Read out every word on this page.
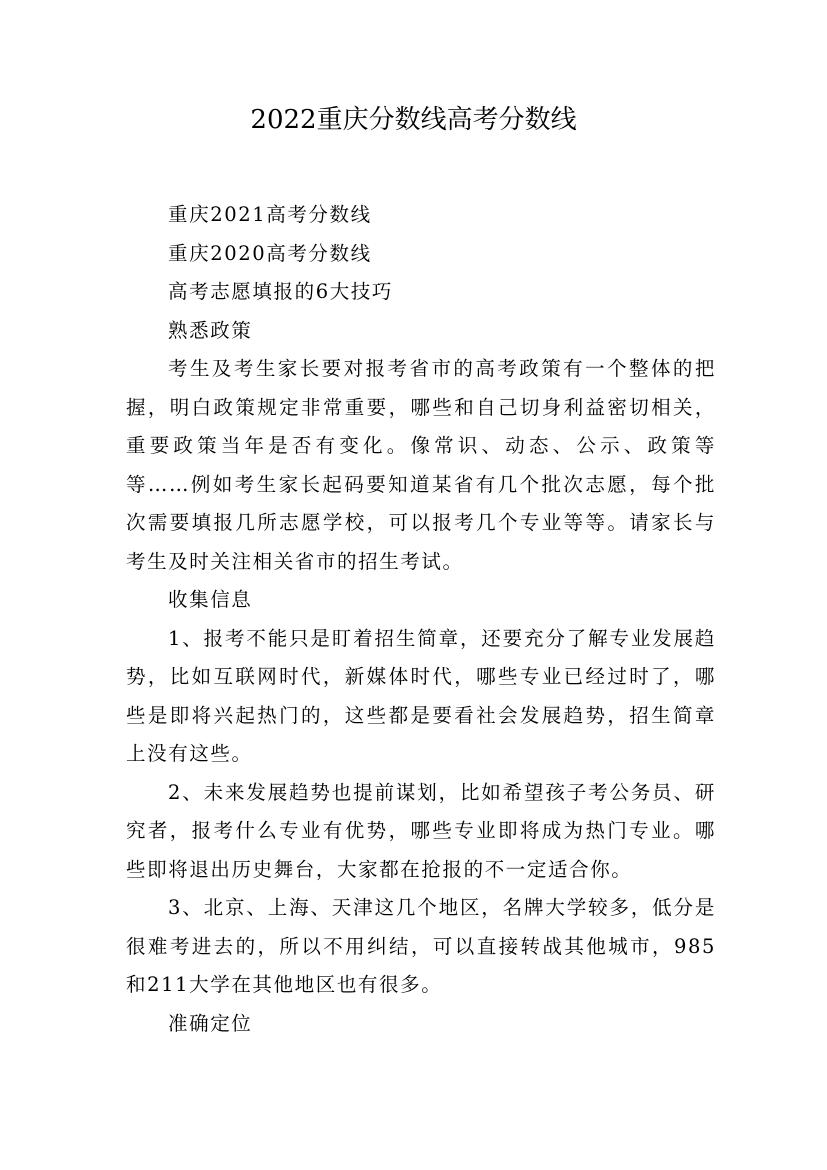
2022重庆分数线高考分数线

重庆2021高考分数线

重庆2020高考分数线

高考志愿填报的6大技巧

熟悉政策

考生及考生家长要对报考省市的高考政策有一个整体的把握，明白政策规定非常重要，哪些和自己切身利益密切相关，重要政策当年是否有变化。像常识、动态、公示、政策等等……例如考生家长起码要知道某省有几个批次志愿，每个批次需要填报几所志愿学校，可以报考几个专业等等。请家长与考生及时关注相关省市的招生考试。

收集信息

1、报考不能只是盯着招生简章，还要充分了解专业发展趋势，比如互联网时代，新媒体时代，哪些专业已经过时了，哪些是即将兴起热门的，这些都是要看社会发展趋势，招生简章上没有这些。

2、未来发展趋势也提前谋划，比如希望孩子考公务员、研究者，报考什么专业有优势，哪些专业即将成为热门专业。哪些即将退出历史舞台，大家都在抢报的不一定适合你。

3、北京、上海、天津这几个地区，名牌大学较多，低分是很难考进去的，所以不用纠结，可以直接转战其他城市，985和211大学在其他地区也有很多。

准确定位
